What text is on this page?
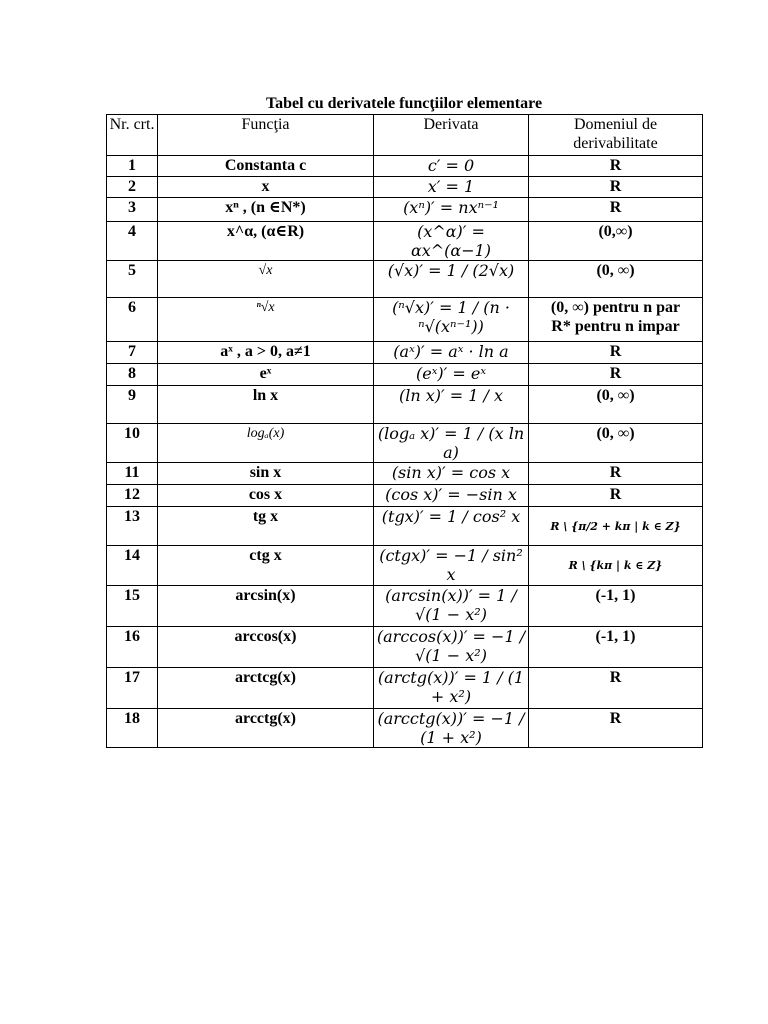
Tabel cu derivatele funcţiilor elementare
Nr. crt.	Funcţia	Derivata	Domeniul de derivabilitate
1	Constanta c	c′ = 0	R
2	x	x′ = 1	R
3	xⁿ , (n ∈N*)	(xⁿ)′ = nxⁿ⁻¹	R
4	x^α, (α∈R)	(x^α)′ = αx^(α−1)	(0,∞)
5	√x	(√x)′ = 1 / (2√x)	(0, ∞)
6	ⁿ√x	(ⁿ√x)′ = 1 / (n · ⁿ√(xⁿ⁻¹))	(0, ∞) pentru n par
R* pentru n impar

7	aˣ , a > 0, a≠1	(aˣ)′ = aˣ · ln a	R
8	eˣ	(eˣ)′ = eˣ	R
9	ln x	(ln x)′ = 1 / x	(0, ∞)
10	logₐ(x)	(logₐ x)′ = 1 / (x ln a)	(0, ∞)
11	sin x	(sin x)′ = cos x	R
12	cos x	(cos x)′ = −sin x	R
13	tg x	(tgx)′ = 1 / cos² x	R \ {π/2 + kπ | k ∈ Z}
14	ctg x	(ctgx)′ = −1 / sin² x	R \ {kπ | k ∈ Z}
15	arcsin(x)	(arcsin(x))′ = 1 / √(1 − x²)	(-1, 1)
16	arccos(x)	(arccos(x))′ = −1 / √(1 − x²)	(-1, 1)
17	arctcg(x)	(arctg(x))′ = 1 / (1 + x²)	R
18	arcctg(x)	(arcctg(x))′ = −1 / (1 + x²)	R
